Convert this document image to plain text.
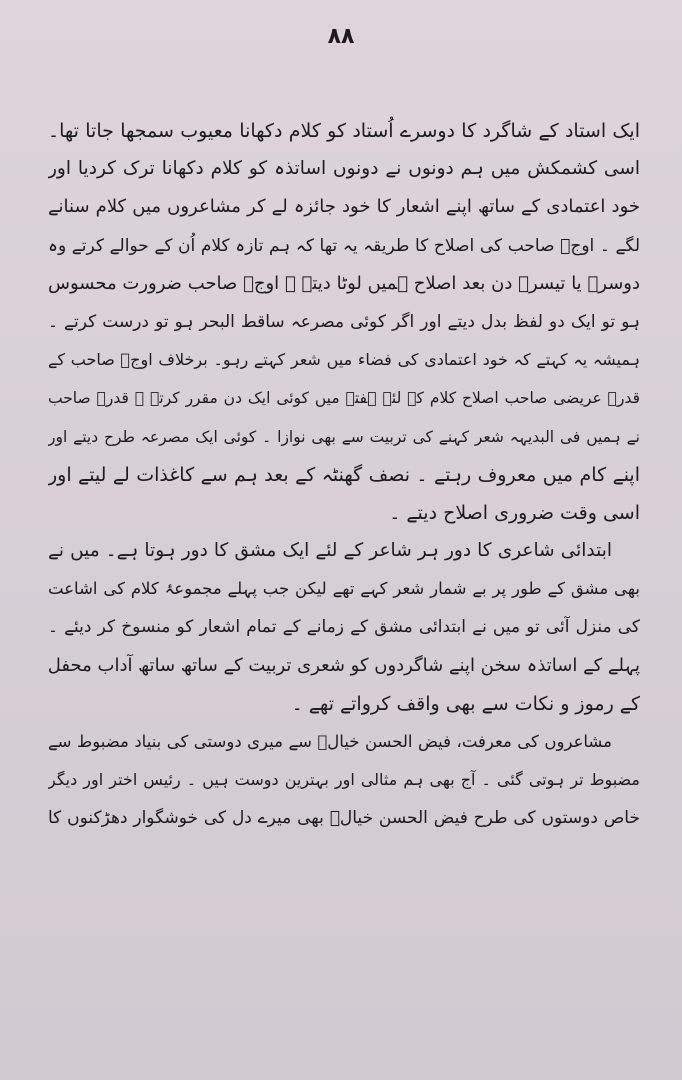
۸۸
ایک استاد کے شاگرد کا دوسرے اُستاد کو کلام دکھانا معیوب سمجھا جاتا تھا۔
اسی کشمکش میں ہم دونوں نے دونوں اساتذہ کو کلام دکھانا ترک کردیا اور
خود اعتمادی کے ساتھ اپنے اشعار کا خود جائزہ لے کر مشاعروں میں کلام سنانے
لگے ۔ اوجؔ صاحب کی اصلاح کا طریقہ یہ تھا کہ ہم تازہ کلام اُن کے حوالے کرتے وہ
دوسرے یا تیسرے دن بعد اصلاح ہمیں لوٹا دیتے ۔ اوجؔ صاحب ضرورت محسوس
ہو تو ایک دو لفظ بدل دیتے اور اگر کوئی مصرعہ ساقط البحر ہو تو درست کرتے ۔
ہمیشہ یہ کہتے کہ خود اعتمادی کی فضاء میں شعر کہتے رہو۔ برخلاف اوجؔ صاحب کے
قدرؔ عریضی صاحب اصلاح کلام کے لئے ہفتہ میں کوئی ایک دن مقرر کرتے ۔ قدرؔ صاحب
نے ہمیں فی البدیہہ شعر کہنے کی تربیت سے بھی نوازا ۔ کوئی ایک مصرعہ طرح دیتے اور
اپنے کام میں معروف رہتے ۔ نصف گھنٹہ کے بعد ہم سے کاغذات لے لیتے اور
اسی وقت ضروری اصلاح دیتے ۔
ابتدائی شاعری کا دور ہر شاعر کے لئے ایک مشق کا دور ہوتا ہے۔ میں نے
بھی مشق کے طور پر بے شمار شعر کہے تھے لیکن جب پہلے مجموعۂ کلام کی اشاعت
کی منزل آئی تو میں نے ابتدائی مشق کے زمانے کے تمام اشعار کو منسوخ کر دیئے ۔
پہلے کے اساتذہ سخن اپنے شاگردوں کو شعری تربیت کے ساتھ ساتھ آداب محفل
کے رموز و نکات سے بھی واقف کرواتے تھے ۔
مشاعروں کی معرفت، فیض الحسن خیالؔ سے میری دوستی کی بنیاد مضبوط سے
مضبوط تر ہوتی گئی ۔ آج بھی ہم مثالی اور بہترین دوست ہیں ۔ رئیس اختر اور دیگر
خاص دوستوں کی طرح فیض الحسن خیالؔ بھی میرے دل کی خوشگوار دھڑکنوں کا
